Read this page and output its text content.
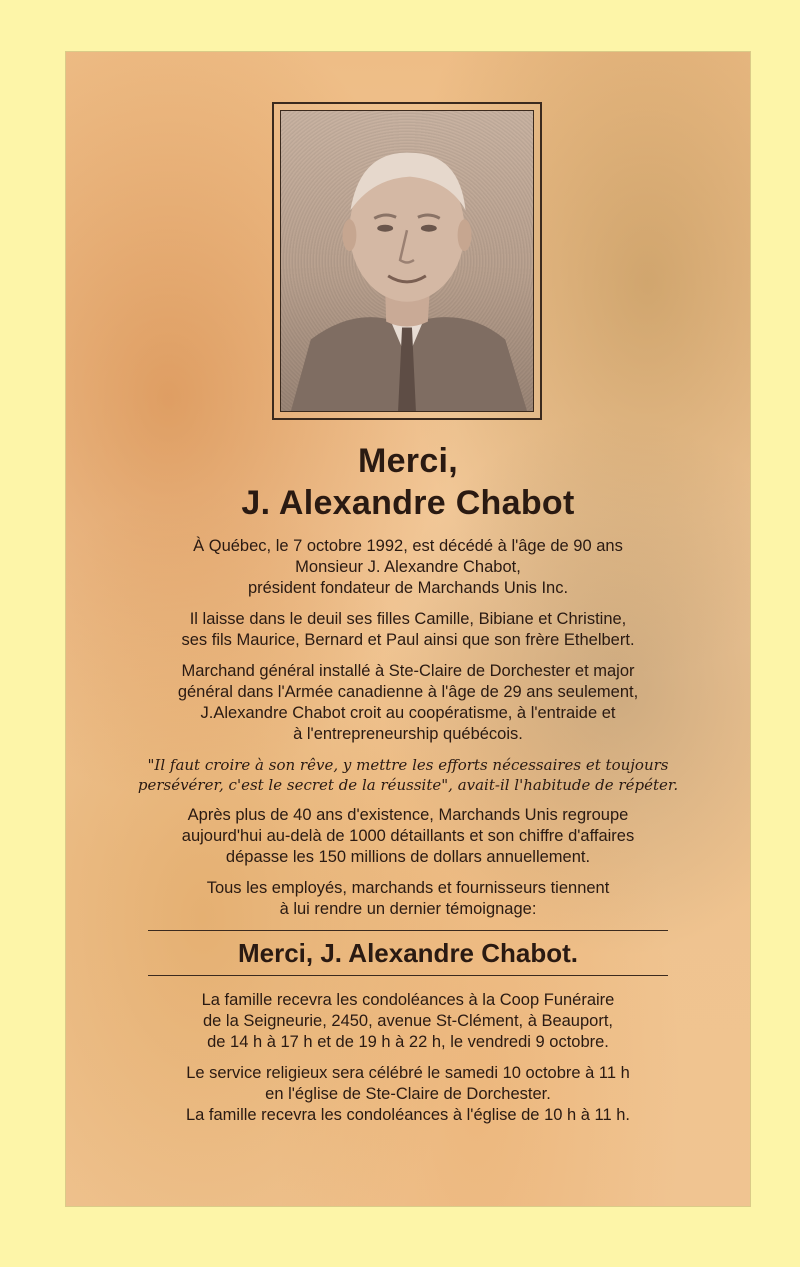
Merci,
J. Alexandre Chabot

À Québec, le 7 octobre 1992, est décédé à l'âge de 90 ans
Monsieur J. Alexandre Chabot,
président fondateur de Marchands Unis Inc.

Il laisse dans le deuil ses filles Camille, Bibiane et Christine,
ses fils Maurice, Bernard et Paul ainsi que son frère Ethelbert.

Marchand général installé à Ste-Claire de Dorchester et major
général dans l'Armée canadienne à l'âge de 29 ans seulement,
J.Alexandre Chabot croit au coopératisme, à l'entraide et
à l'entrepreneurship québécois.

"Il faut croire à son rêve, y mettre les efforts nécessaires et toujours
persévérer, c'est le secret de la réussite", avait-il l'habitude de répéter.

Après plus de 40 ans d'existence, Marchands Unis regroupe
aujourd'hui au-delà de 1000 détaillants et son chiffre d'affaires
dépasse les 150 millions de dollars annuellement.

Tous les employés, marchands et fournisseurs tiennent
à lui rendre un dernier témoignage:

Merci, J. Alexandre Chabot.

La famille recevra les condoléances à la Coop Funéraire
de la Seigneurie, 2450, avenue St-Clément, à Beauport,
de 14 h à 17 h et de 19 h à 22 h, le vendredi 9 octobre.

Le service religieux sera célébré le samedi 10 octobre à 11 h
en l'église de Ste-Claire de Dorchester.
La famille recevra les condoléances à l'église de 10 h à 11 h.
